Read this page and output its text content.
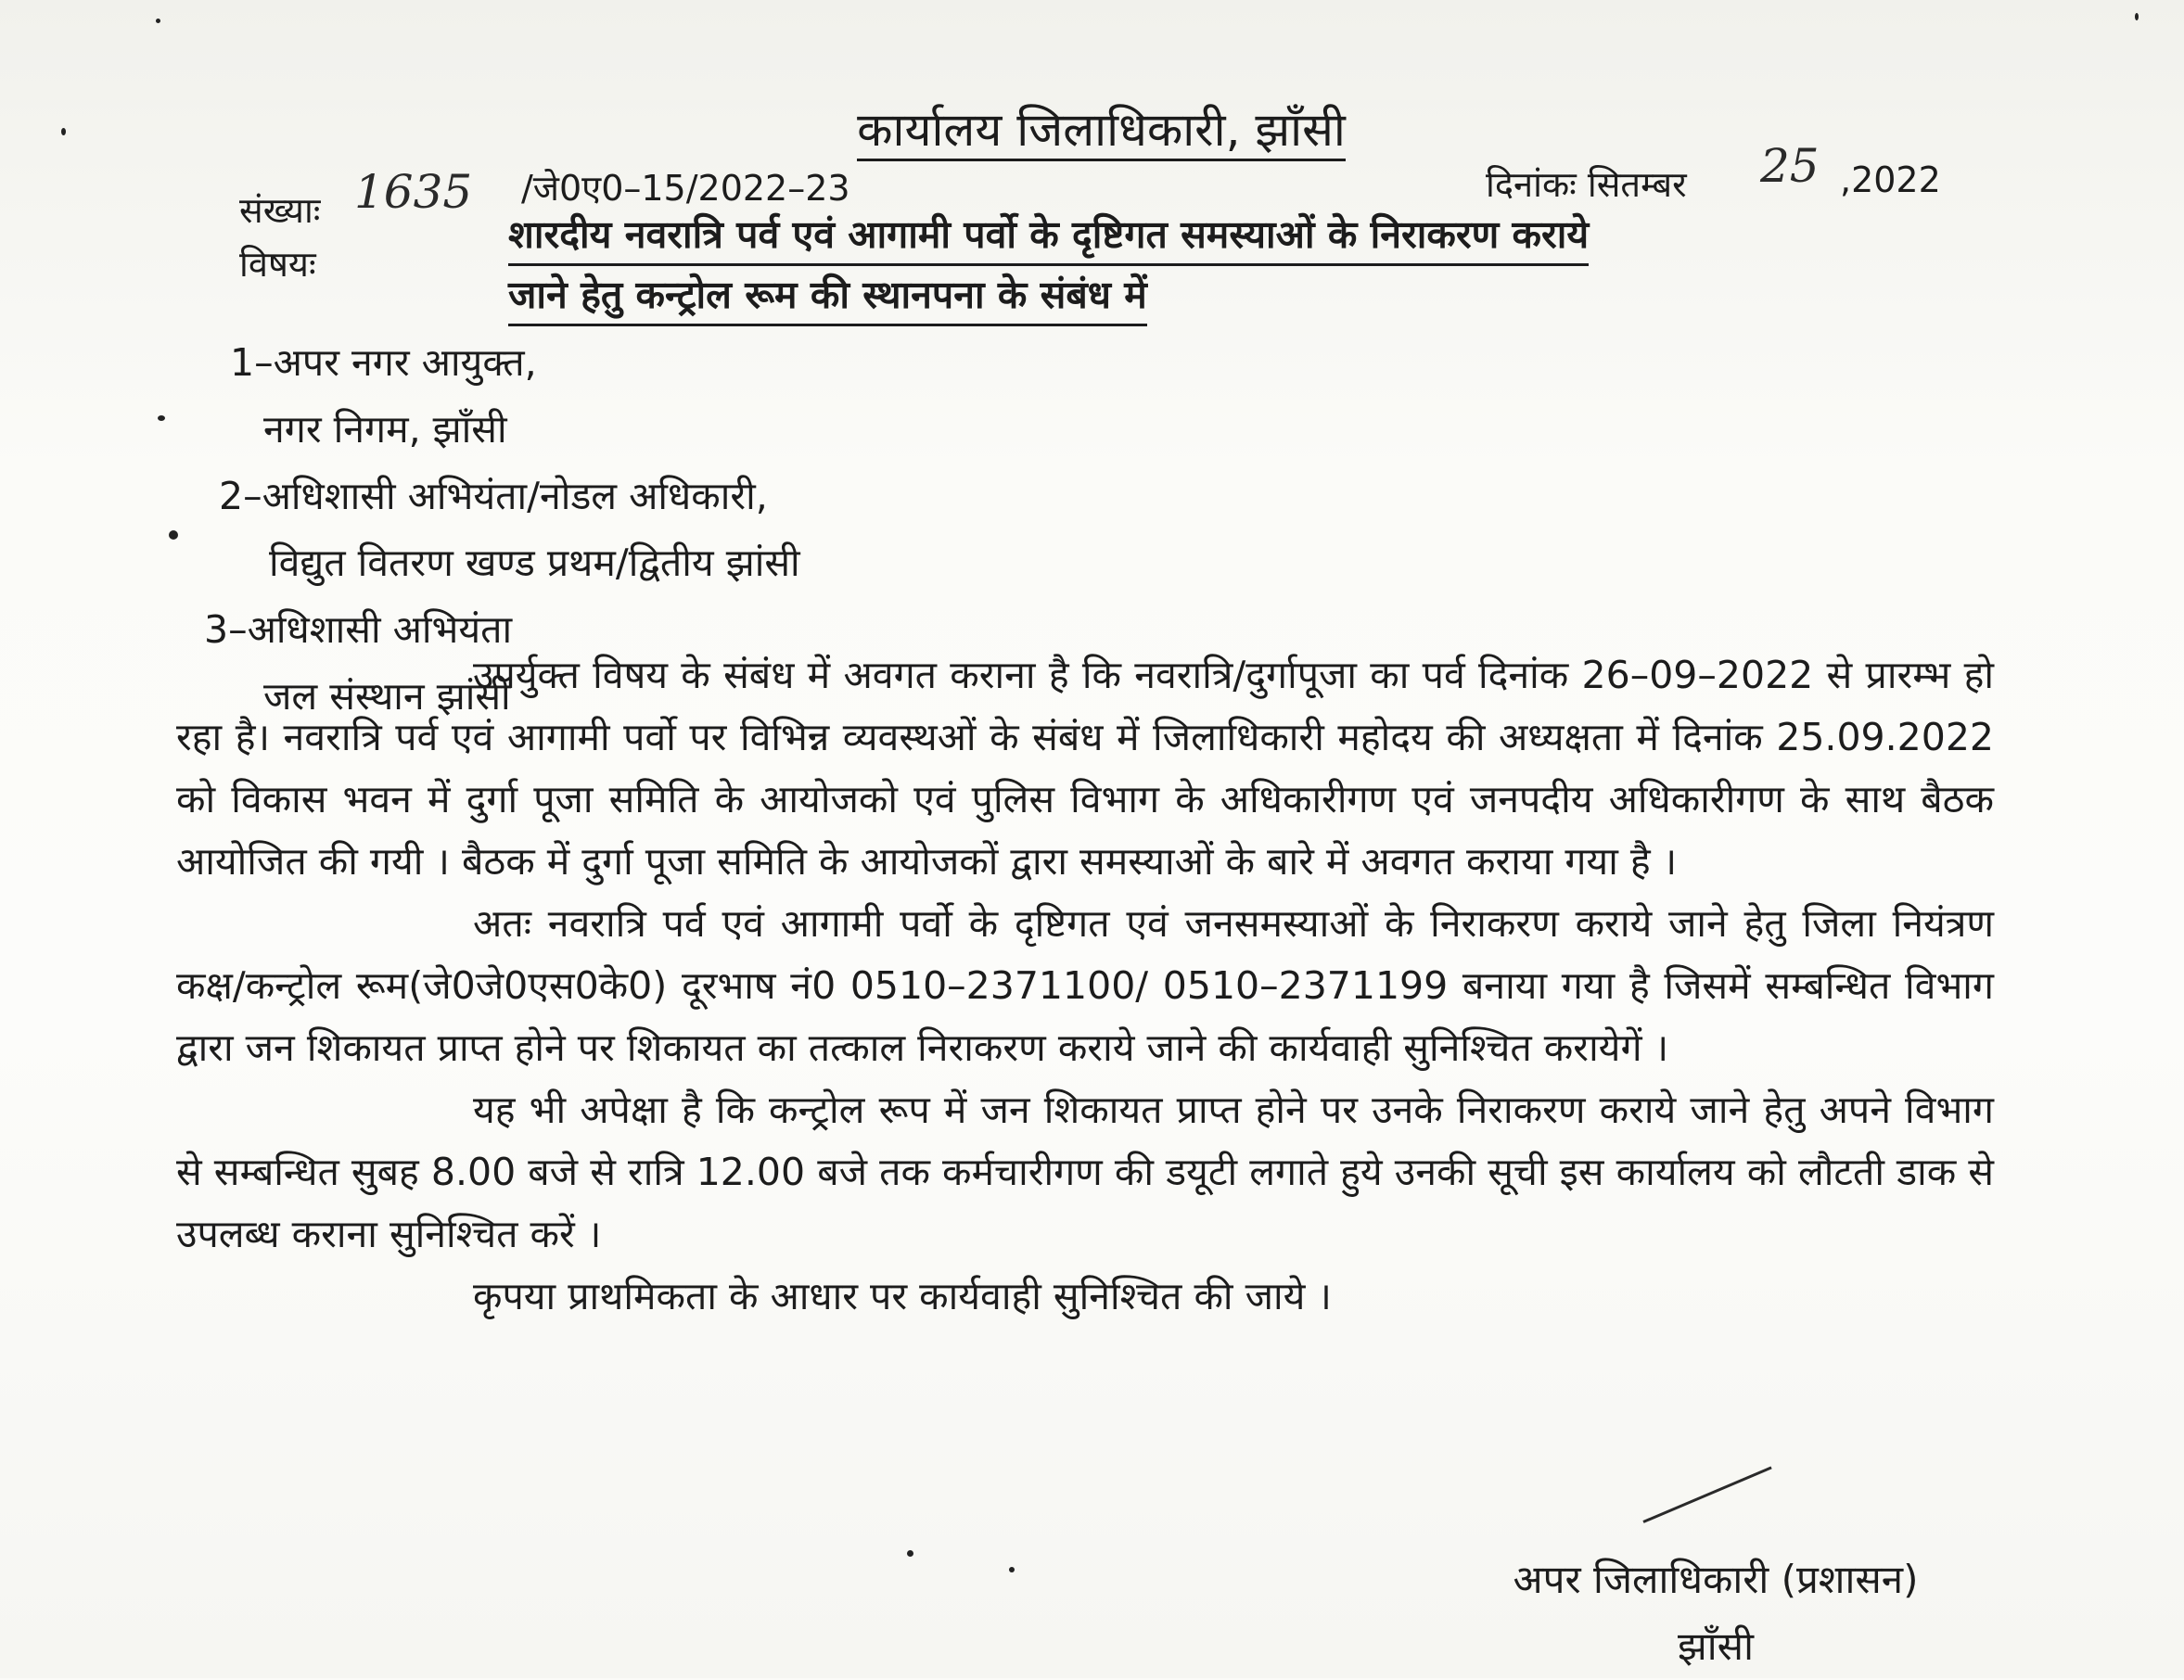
कार्यालय जिलाधिकारी, झाँसी
संख्याः 1635 /जे0ए0–15/2022–23	दिनांकः सितम्बर 25 ,2022
विषयः
शारदीय नवरात्रि पर्व एवं आगामी पर्वो के दृष्टिगत समस्याओं के निराकरण कराये
जाने हेतु कन्ट्रोल रूम की स्थानपना के संबंध में
1–अपर नगर आयुक्त,
नगर निगम, झाँसी
2–अधिशासी अभियंता/नोडल अधिकारी,
विद्युत वितरण खण्ड प्रथम/द्वितीय झांसी
3–अधिशासी अभियंता
जल संस्थान झांसी

उपर्युक्त विषय के संबंध में अवगत कराना है कि नवरात्रि/दुर्गापूजा का पर्व दिनांक 26–09–2022 से प्रारम्भ हो रहा है। नवरात्रि पर्व एवं आगामी पर्वो पर विभिन्न व्यवस्थओं के संबंध में जिलाधिकारी महोदय की अध्यक्षता में दिनांक 25.09.2022 को विकास भवन में दुर्गा पूजा समिति के आयोजको एवं पुलिस विभाग के अधिकारीगण एवं जनपदीय अधिकारीगण के साथ बैठक आयोजित की गयी । बैठक में दुर्गा पूजा समिति के आयोजकों द्वारा समस्याओं के बारे में अवगत कराया गया है ।

अतः नवरात्रि पर्व एवं आगामी पर्वो के दृष्टिगत एवं जनसमस्याओं के निराकरण कराये जाने हेतु जिला नियंत्रण कक्ष/कन्ट्रोल रूम(जे0जे0एस0के0) दूरभाष नं0 0510–2371100/ 0510–2371199 बनाया गया है जिसमें सम्बन्धित विभाग द्वारा जन शिकायत प्राप्त होने पर शिकायत का तत्काल निराकरण कराये जाने की कार्यवाही सुनिश्चित करायेगें ।

यह भी अपेक्षा है कि कन्ट्रोल रूप में जन शिकायत प्राप्त होने पर उनके निराकरण कराये जाने हेतु अपने विभाग से सम्बन्धित सुबह 8.00 बजे से रात्रि 12.00 बजे तक कर्मचारीगण की डयूटी लगाते हुये उनकी सूची इस कार्यालय को लौटती डाक से उपलब्ध कराना सुनिश्चित करें ।

कृपया प्राथमिकता के आधार पर कार्यवाही सुनिश्चित की जाये ।

अपर जिलाधिकारी (प्रशासन)
झाँसी
